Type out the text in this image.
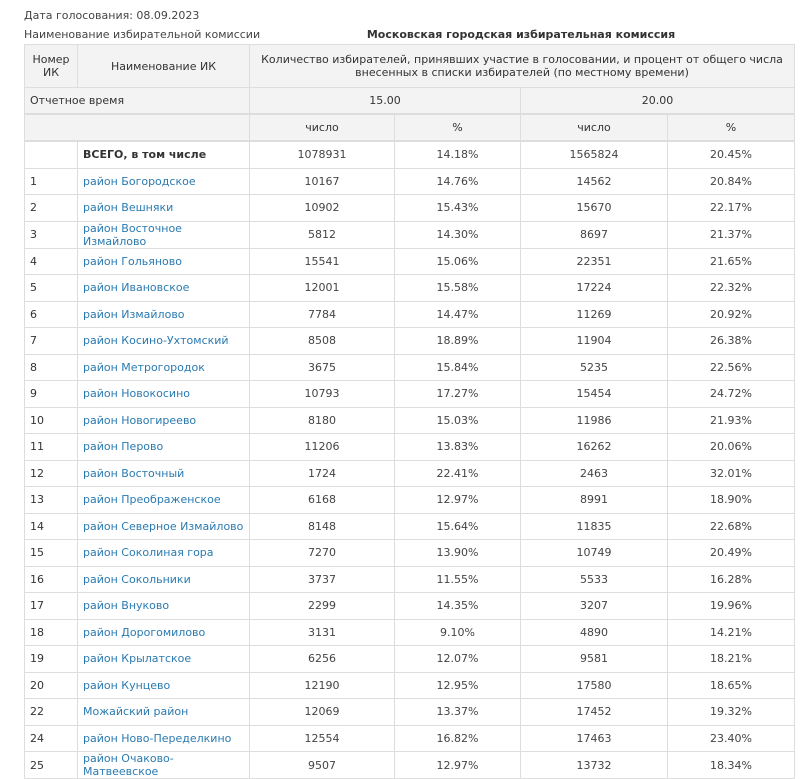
Дата голосования: 08.09.2023
Наименование избирательной комиссии	Московская городская избирательная комиссия
Номер ИК	Наименование ИК	Количество избирателей, принявших участие в голосовании, и процент от общего числа внесенных в списки избирателей (по местному времени)			
Отчетное время		15.00		20.00	
		число	%	число	%
	ВСЕГО, в том числе	1078931	14.18%	1565824	20.45%
1	район Богородское	10167	14.76%	14562	20.84%
2	район Вешняки	10902	15.43%	15670	22.17%
3	район Восточное Измайлово	5812	14.30%	8697	21.37%
4	район Гольяново	15541	15.06%	22351	21.65%
5	район Ивановское	12001	15.58%	17224	22.32%
6	район Измайлово	7784	14.47%	11269	20.92%
7	район Косино-Ухтомский	8508	18.89%	11904	26.38%
8	район Метрогородок	3675	15.84%	5235	22.56%
9	район Новокосино	10793	17.27%	15454	24.72%
10	район Новогиреево	8180	15.03%	11986	21.93%
11	район Перово	11206	13.83%	16262	20.06%
12	район Восточный	1724	22.41%	2463	32.01%
13	район Преображенское	6168	12.97%	8991	18.90%
14	район Северное Измайлово	8148	15.64%	11835	22.68%
15	район Соколиная гора	7270	13.90%	10749	20.49%
16	район Сокольники	3737	11.55%	5533	16.28%
17	район Внуково	2299	14.35%	3207	19.96%
18	район Дорогомилово	3131	9.10%	4890	14.21%
19	район Крылатское	6256	12.07%	9581	18.21%
20	район Кунцево	12190	12.95%	17580	18.65%
22	Можайский район	12069	13.37%	17452	19.32%
24	район Ново-Переделкино	12554	16.82%	17463	23.40%
25	район Очаково-Матвеевское	9507	12.97%	13732	18.34%
